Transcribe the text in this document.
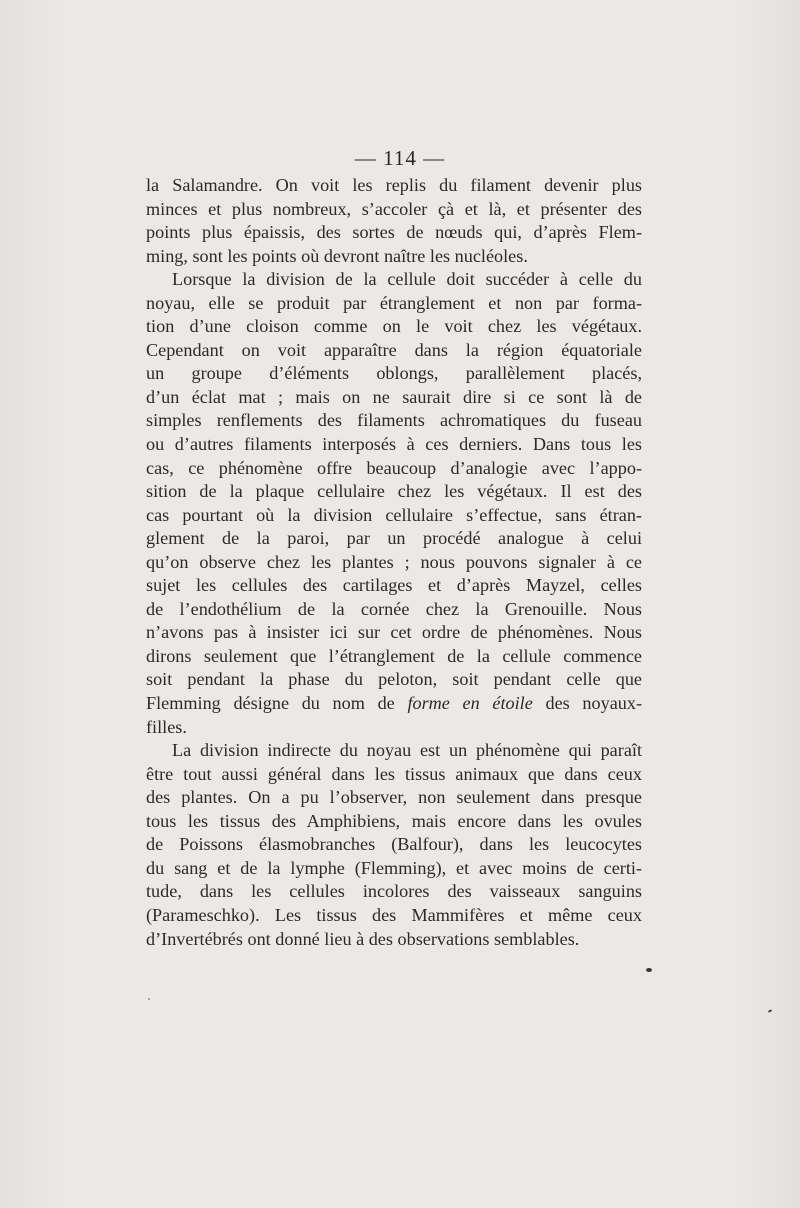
— 114 —
la Salamandre. On voit les replis du filament devenir plus
minces et plus nombreux, s’accoler çà et là, et présenter des
points plus épaissis, des sortes de nœuds qui, d’après Flem-
ming, sont les points où devront naître les nucléoles.
Lorsque la division de la cellule doit succéder à celle du
noyau, elle se produit par étranglement et non par forma-
tion d’une cloison comme on le voit chez les végétaux.
Cependant on voit apparaître dans la région équatoriale
un groupe d’éléments oblongs, parallèlement placés,
d’un éclat mat ; mais on ne saurait dire si ce sont là de
simples renflements des filaments achromatiques du fuseau
ou d’autres filaments interposés à ces derniers. Dans tous les
cas, ce phénomène offre beaucoup d’analogie avec l’appo-
sition de la plaque cellulaire chez les végétaux. Il est des
cas pourtant où la division cellulaire s’effectue, sans étran-
glement de la paroi, par un procédé analogue à celui
qu’on observe chez les plantes ; nous pouvons signaler à ce
sujet les cellules des cartilages et d’après Mayzel, celles
de l’endothélium de la cornée chez la Grenouille. Nous
n’avons pas à insister ici sur cet ordre de phénomènes. Nous
dirons seulement que l’étranglement de la cellule commence
soit pendant la phase du peloton, soit pendant celle que
Flemming désigne du nom de forme en étoile des noyaux-
filles.
La division indirecte du noyau est un phénomène qui paraît
être tout aussi général dans les tissus animaux que dans ceux
des plantes. On a pu l’observer, non seulement dans presque
tous les tissus des Amphibiens, mais encore dans les ovules
de Poissons élasmobranches (Balfour), dans les leucocytes
du sang et de la lymphe (Flemming), et avec moins de certi-
tude, dans les cellules incolores des vaisseaux sanguins
(Parameschko). Les tissus des Mammifères et même ceux
d’Invertébrés ont donné lieu à des observations semblables.
